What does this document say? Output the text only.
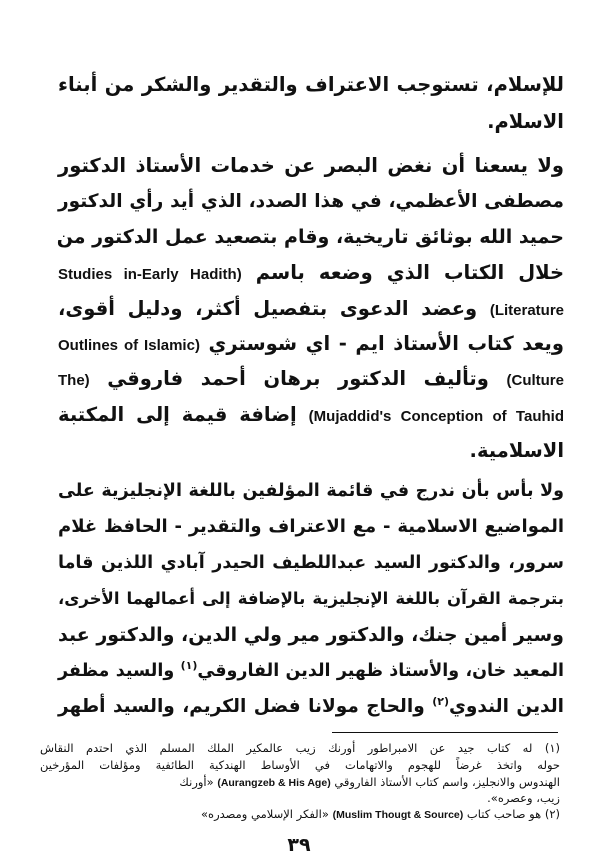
للإسلام، تستوجب الاعتراف والتقدير والشكر من أبناء
الاسلام.
ولا يسعنا أن نغض البصر عن خدمات الأستاذ الدكتور
مصطفى الأعظمي، في هذا الصدد، الذي أيد رأي الدكتور
حميد الله بوثائق تاريخية، وقام بتصعيد عمل الدكتور من
خلال الكتاب الذي وضعه باسم (Studies in-Early Hadith
Literature) وعضد الدعوى بتفصيل أكثر، ودليل أقوى،
ويعد كتاب الأستاذ ايم - اي شوستري (Outlines of Islamic
Culture) وتأليف الدكتور برهان أحمد فاروقي (The
Mujaddid's Conception of Tauhid) إضافة قيمة إلى المكتبة
الاسلامية.
ولا بأس بأن ندرج في قائمة المؤلفين باللغة الإنجليزية على
المواضيع الاسلامية - مع الاعتراف والتقدير - الحافظ غلام
سرور، والدكتور السيد عبداللطيف الحيدر آبادي اللذين قاما
بترجمة القرآن باللغة الإنجليزية بالإضافة إلى أعمالهما الأخرى،
وسير أمين جنك، والدكتور مير ولي الدين، والدكتور عبد
المعيد خان، والأستاذ ظهير الدين الفاروقي$^{(١)}$ والسيد مظفر
الدين الندوي$^{(٢)}$ والحاج مولانا فضل الكريم، والسيد أطهر
(١) له كتاب جيد عن الامبراطور أورنك زيب عالمكير الملك المسلم الذي احتدم النقاش
حوله واتخذ غرضاً للهجوم والاتهامات في الأوساط الهندكية الطائفية ومؤلفات المؤرخين
الهندوس والانجليز، واسم كتاب الأستاذ الفاروقي (Aurangzeb & His Age) «أورنك
زيب، وعصره».
(٢) هو صاحب كتاب (Muslim Thougt & Source) «الفكر الإسلامي ومصدره»
٣٩
